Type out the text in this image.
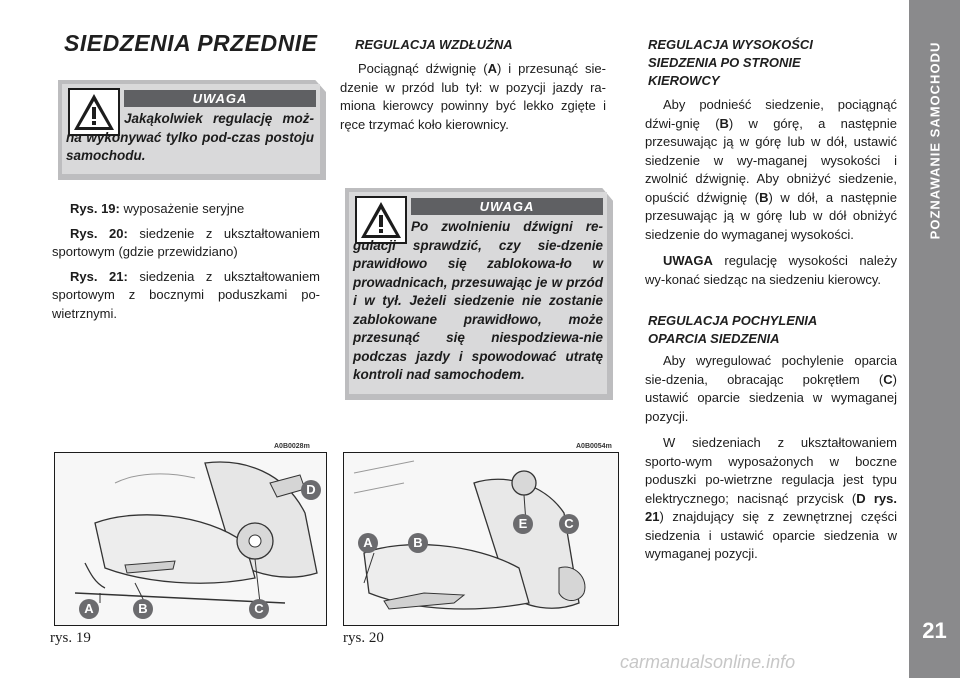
POZNAWANIE SAMOCHODU
21
SIEDZENIA PRZEDNIE
UWAGA
Jakąkolwiek regulację moż-na wykonywać tylko pod-czas postoju samochodu.

Rys. 19: wyposażenie seryjne

Rys. 20: siedzenie z ukształtowaniem sportowym (gdzie przewidziano)

Rys. 21: siedzenia z ukształtowaniem sportowym z bocznymi poduszkami po-wietrznymi.

REGULACJA WZDŁUŻNA

Pociągnąć dźwignię (A) i przesunąć sie-dzenie w przód lub tył: w pozycji jazdy ra-miona kierowcy powinny być lekko zgięte i ręce trzymać koło kierownicy.

UWAGA
Po zwolnieniu dźwigni re-gulacji sprawdzić, czy sie-dzenie prawidłowo się zablokowa-ło w prowadnicach, przesuwając je w przód i w tył. Jeżeli siedzenie nie zostanie zablokowane prawidłowo, może przesunąć się niespodziewa-nie podczas jazdy i spowodować utratę kontroli nad samochodem.
REGULACJA WYSOKOŚCI SIEDZENIA PO STRONIE KIEROWCY

Aby podnieść siedzenie, pociągnąć dźwi-gnię (B) w górę, a następnie przesuwając ją w górę lub w dół, ustawić siedzenie w wy-maganej wysokości i zwolnić dźwignię. Aby obniżyć siedzenie, opuścić dźwignię (B) w dół, a następnie przesuwając ją w górę lub w dół obniżyć siedzenie do wymaganej wysokości.

UWAGA regulację wysokości należy wy-konać siedząc na siedzeniu kierowcy.

REGULACJA POCHYLENIA OPARCIA SIEDZENIA

Aby wyregulować pochylenie oparcia sie-dzenia, obracając pokrętłem (C) ustawić oparcie siedzenia w wymaganej pozycji.

W siedzeniach z ukształtowaniem sporto-wym wyposażonych w boczne poduszki po-wietrzne regulacja jest typu elektrycznego; nacisnąć przycisk (D rys. 21) znajdujący się z zewnętrznej części siedzenia i ustawić oparcie siedzenia w wymaganej pozycji.

A0B0028m
A	B	C
D
rys. 19
A0B0054m
A	B
E	C
rys. 20
carmanualsonline.info
